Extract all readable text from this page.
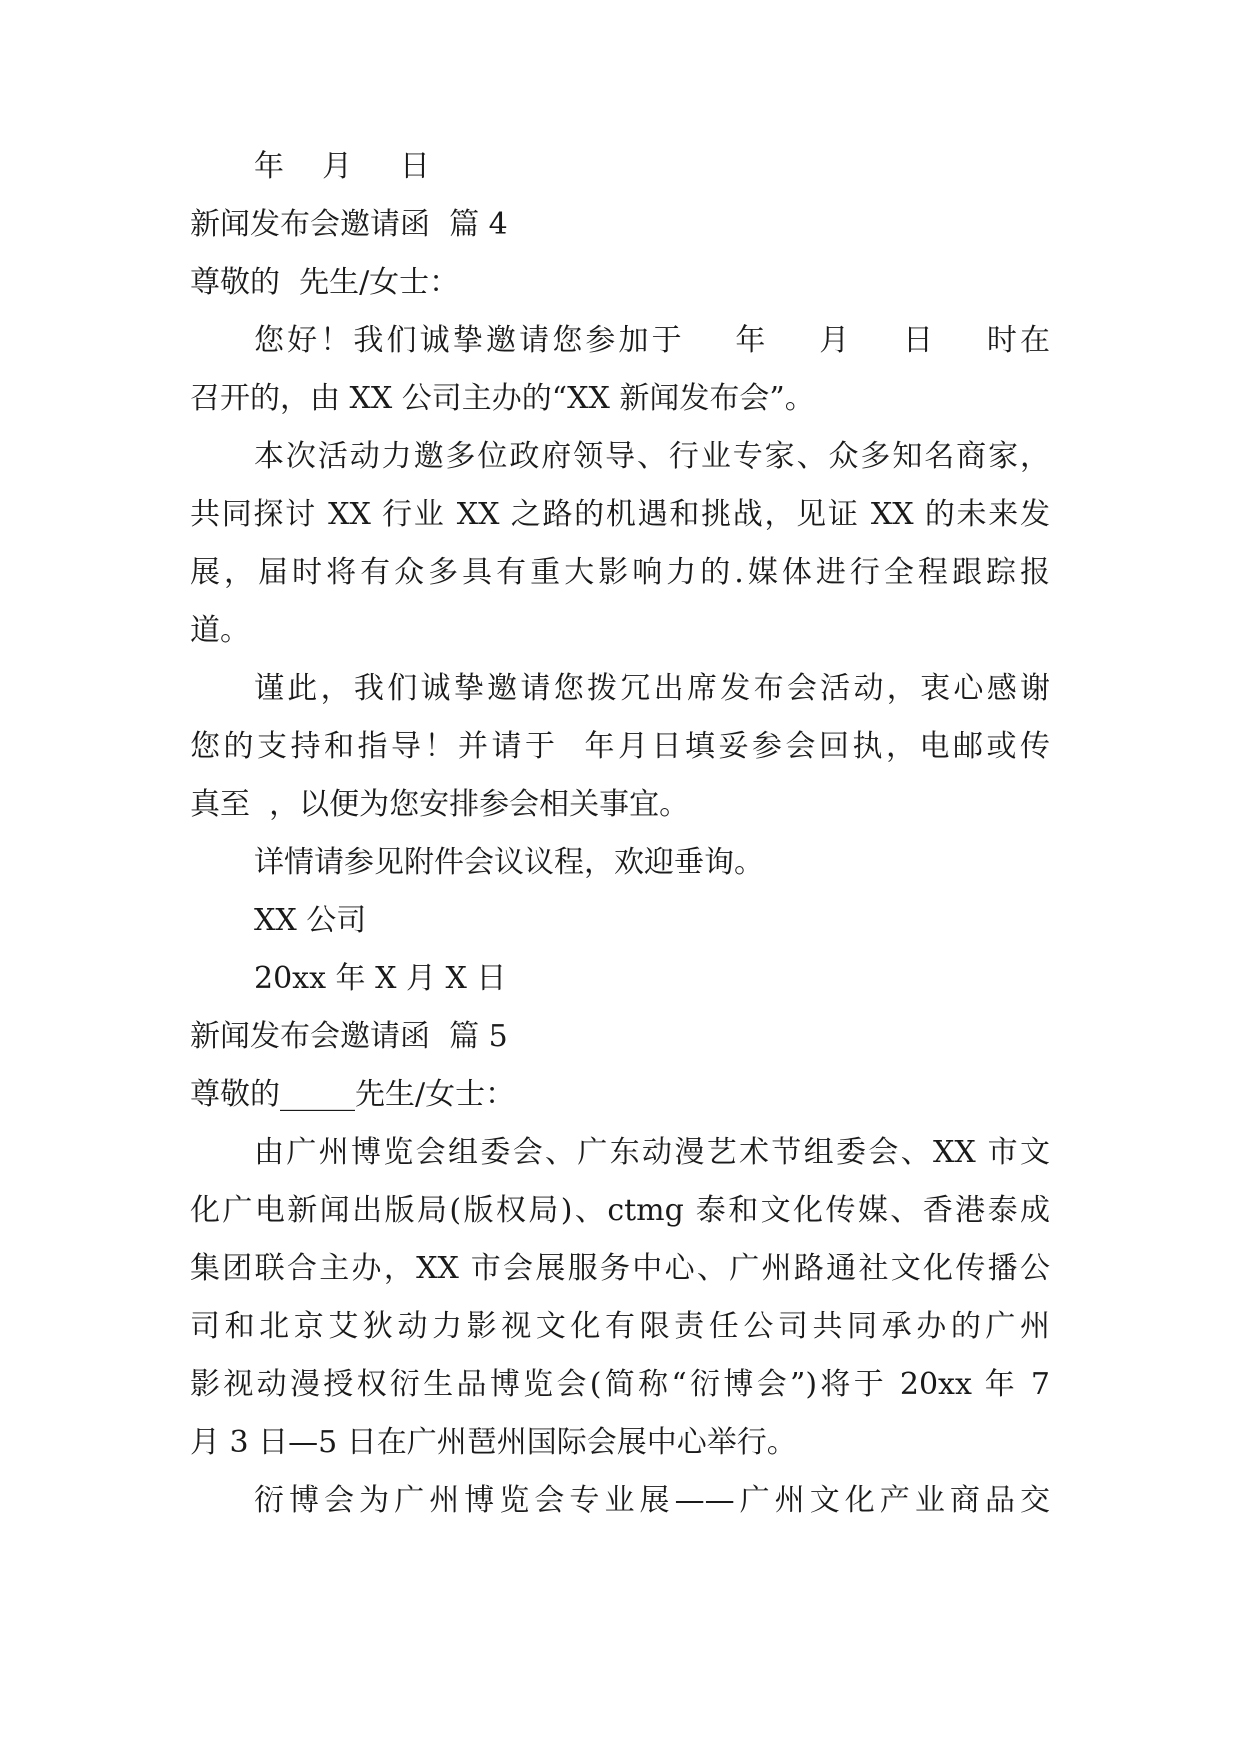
年    月     日
新闻发布会邀请函  篇 4
尊敬的  先生/女士：
您好！我们诚挚邀请您参加于    年    月    日    时在
召开的，由 XX 公司主办的“XX 新闻发布会”。
本次活动力邀多位政府领导、行业专家、众多知名商家，
共同探讨 XX 行业 XX 之路的机遇和挑战，见证 XX 的未来发
展，届时将有众多具有重大影响力的.媒体进行全程跟踪报
道。
谨此，我们诚挚邀请您拨冗出席发布会活动，衷心感谢
您的支持和指导！并请于  年月日填妥参会回执，电邮或传
真至  ，以便为您安排参会相关事宜。
详情请参见附件会议议程，欢迎垂询。
XX 公司
20xx 年 X 月 X 日
新闻发布会邀请函  篇 5
尊敬的_____先生/女士：
由广州博览会组委会、广东动漫艺术节组委会、XX 市文
化广电新闻出版局(版权局)、ctmg 泰和文化传媒、香港泰成
集团联合主办，XX 市会展服务中心、广州路通社文化传播公
司和北京艾狄动力影视文化有限责任公司共同承办的广州
影视动漫授权衍生品博览会(简称“衍博会”)将于 20xx 年 7
月 3 日—5 日在广州琶州国际会展中心举行。
衍博会为广州博览会专业展——广州文化产业商品交
